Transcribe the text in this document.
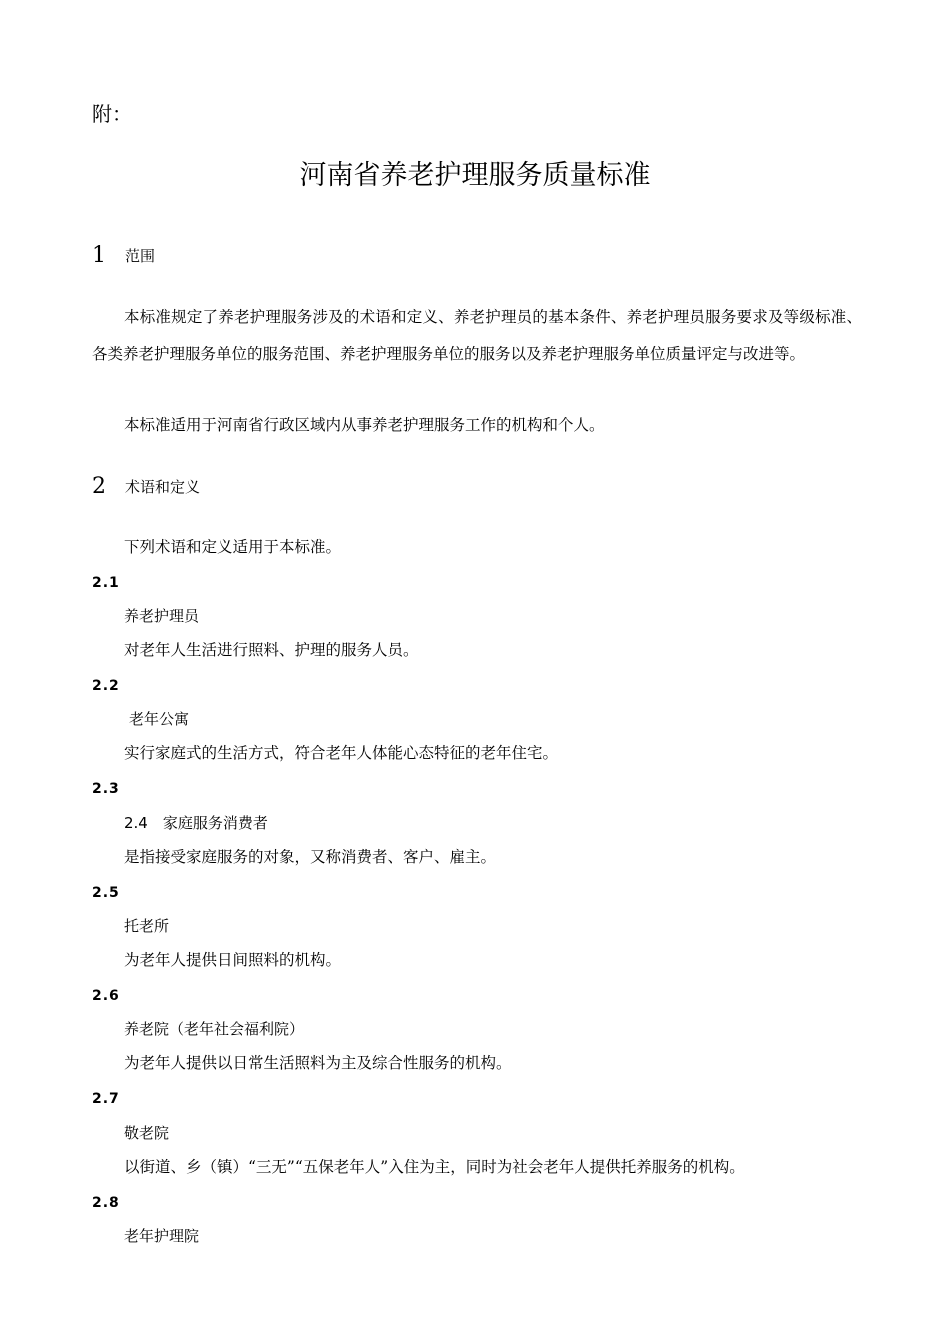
附：
河南省养老护理服务质量标准
1 范围
本标准规定了养老护理服务涉及的术语和定义、养老护理员的基本条件、养老护理员服务要求及等级标准、各类养老护理服务单位的服务范围、养老护理服务单位的服务以及养老护理服务单位质量评定与改进等。
本标准适用于河南省行政区域内从事养老护理服务工作的机构和个人。
2 术语和定义
下列术语和定义适用于本标准。
2.1
养老护理员
对老年人生活进行照料、护理的服务人员。
2.2
老年公寓
实行家庭式的生活方式，符合老年人体能心态特征的老年住宅。
2.3
2.4　家庭服务消费者
是指接受家庭服务的对象，又称消费者、客户、雇主。
2.5
托老所
为老年人提供日间照料的机构。
2.6
养老院（老年社会福利院）
为老年人提供以日常生活照料为主及综合性服务的机构。
2.7
敬老院
以街道、乡（镇）“三无”“五保老年人”入住为主，同时为社会老年人提供托养服务的机构。
2.8
老年护理院
